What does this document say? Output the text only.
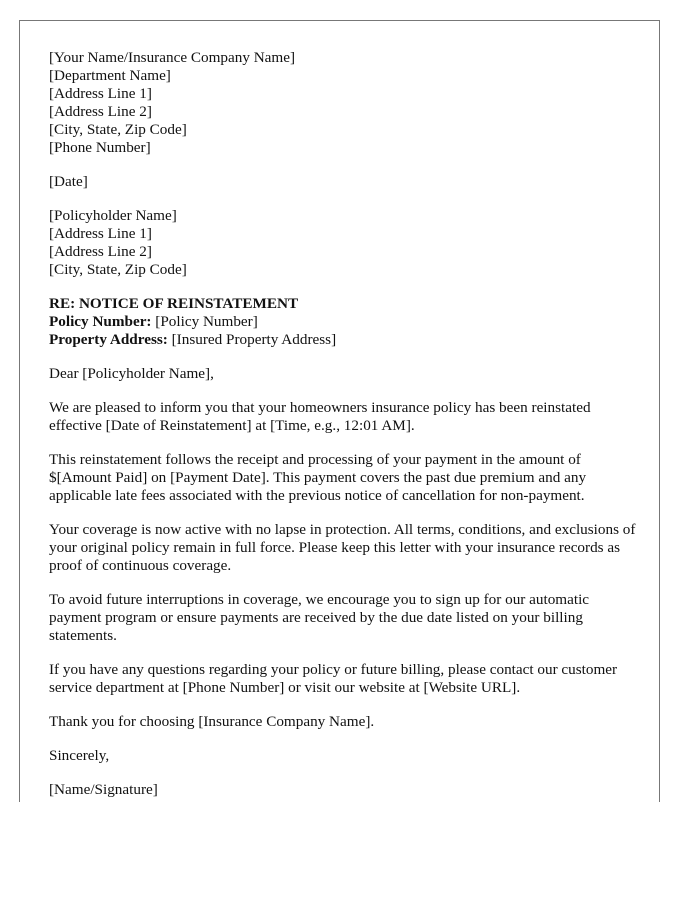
[Your Name/Insurance Company Name]
[Department Name]
[Address Line 1]
[Address Line 2]
[City, State, Zip Code]
[Phone Number]
[Date]
[Policyholder Name]
[Address Line 1]
[Address Line 2]
[City, State, Zip Code]
RE: NOTICE OF REINSTATEMENT
Policy Number: [Policy Number]
Property Address: [Insured Property Address]

Dear [Policyholder Name],

We are pleased to inform you that your homeowners insurance policy has been reinstated effective [Date of Reinstatement] at [Time, e.g., 12:01 AM].

This reinstatement follows the receipt and processing of your payment in the amount of $[Amount Paid] on [Payment Date]. This payment covers the past due premium and any applicable late fees associated with the previous notice of cancellation for non-payment.

Your coverage is now active with no lapse in protection. All terms, conditions, and exclusions of your original policy remain in full force. Please keep this letter with your insurance records as proof of continuous coverage.

To avoid future interruptions in coverage, we encourage you to sign up for our automatic payment program or ensure payments are received by the due date listed on your billing statements.

If you have any questions regarding your policy or future billing, please contact our customer service department at [Phone Number] or visit our website at [Website URL].

Thank you for choosing [Insurance Company Name].

Sincerely,

[Name/Signature]
